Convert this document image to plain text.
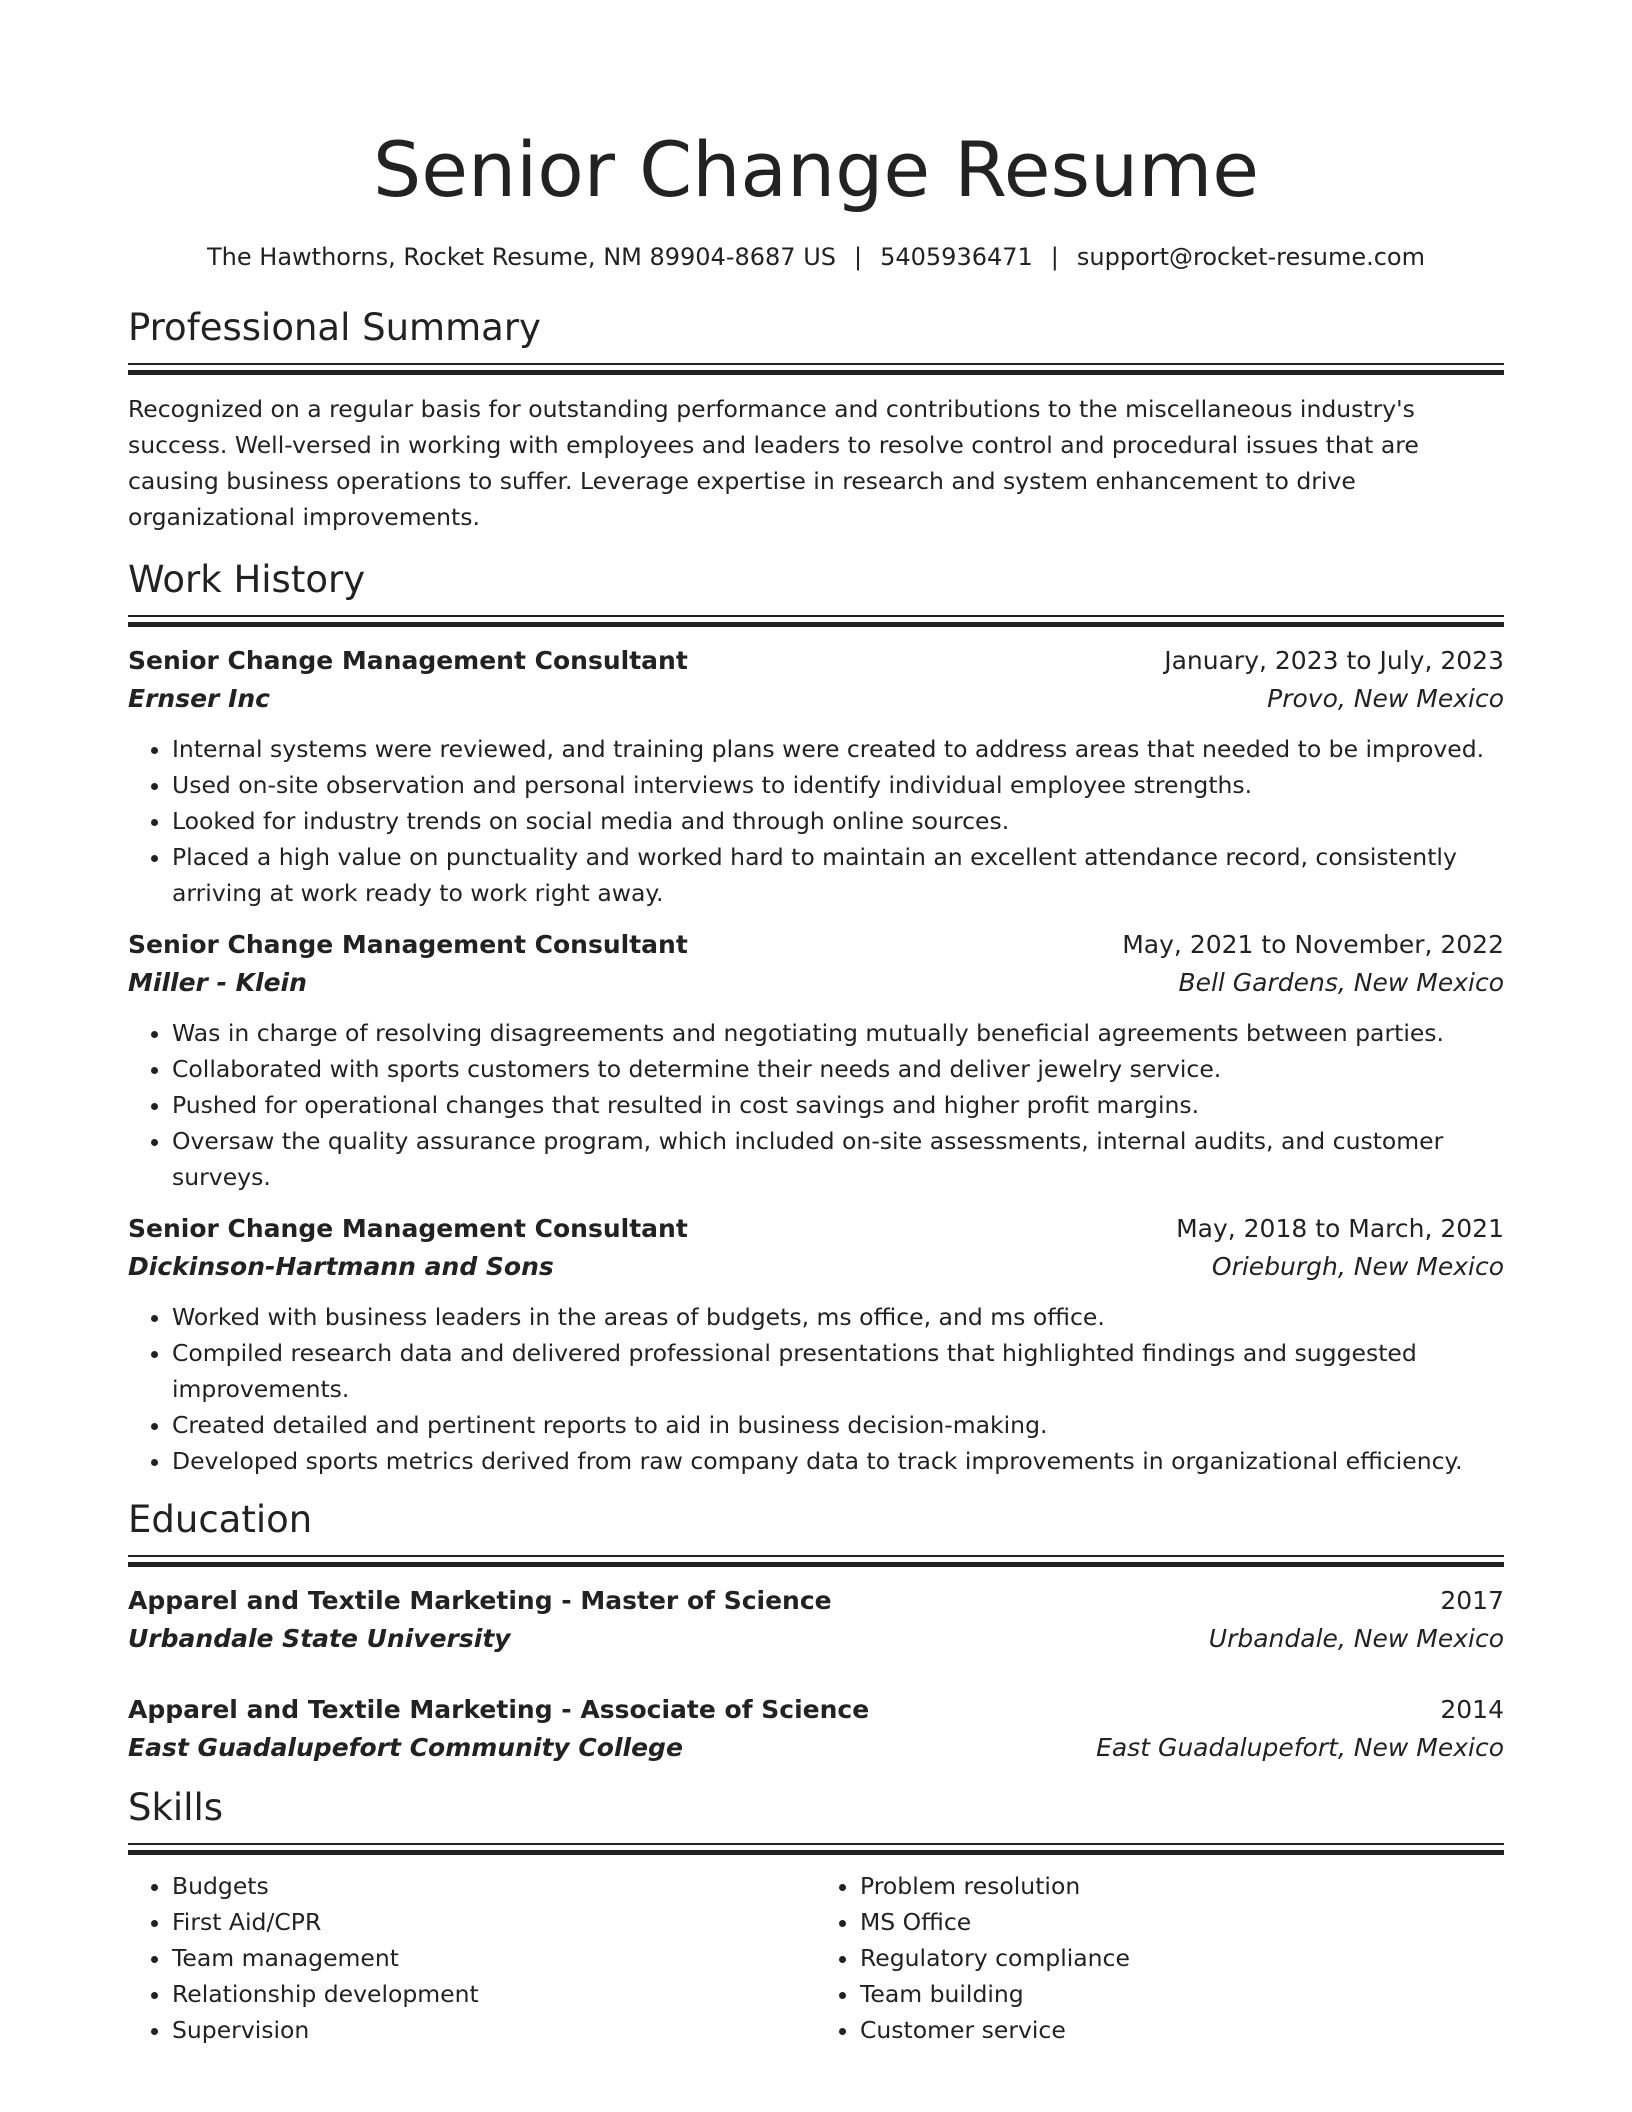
Senior Change Resume
The Hawthorns, Rocket Resume, NM 89904-8687 US | 5405936471 | support@rocket-resume.com
Professional Summary

Recognized on a regular basis for outstanding performance and contributions to the miscellaneous industry's success. Well-versed in working with employees and leaders to resolve control and procedural issues that are causing business operations to suffer. Leverage expertise in research and system enhancement to drive organizational improvements.

Work History
Senior Change Management Consultant	January, 2023 to July, 2023
Ernser Inc	Provo, New Mexico
• Internal systems were reviewed, and training plans were created to address areas that needed to be improved.
• Used on-site observation and personal interviews to identify individual employee strengths.
• Looked for industry trends on social media and through online sources.
• Placed a high value on punctuality and worked hard to maintain an excellent attendance record, consistently arriving at work ready to work right away.
Senior Change Management Consultant	May, 2021 to November, 2022
Miller - Klein	Bell Gardens, New Mexico
• Was in charge of resolving disagreements and negotiating mutually beneficial agreements between parties.
• Collaborated with sports customers to determine their needs and deliver jewelry service.
• Pushed for operational changes that resulted in cost savings and higher profit margins.
• Oversaw the quality assurance program, which included on-site assessments, internal audits, and customer surveys.
Senior Change Management Consultant	May, 2018 to March, 2021
Dickinson-Hartmann and Sons	Orieburgh, New Mexico
• Worked with business leaders in the areas of budgets, ms office, and ms office.
• Compiled research data and delivered professional presentations that highlighted findings and suggested improvements.
• Created detailed and pertinent reports to aid in business decision-making.
• Developed sports metrics derived from raw company data to track improvements in organizational efficiency.
Education
Apparel and Textile Marketing - Master of Science	2017
Urbandale State University	Urbandale, New Mexico
Apparel and Textile Marketing - Associate of Science	2014
East Guadalupefort Community College	East Guadalupefort, New Mexico
Skills
• Budgets
• First Aid/CPR
• Team management
• Relationship development
• Supervision
• Problem resolution
• MS Office
• Regulatory compliance
• Team building
• Customer service
